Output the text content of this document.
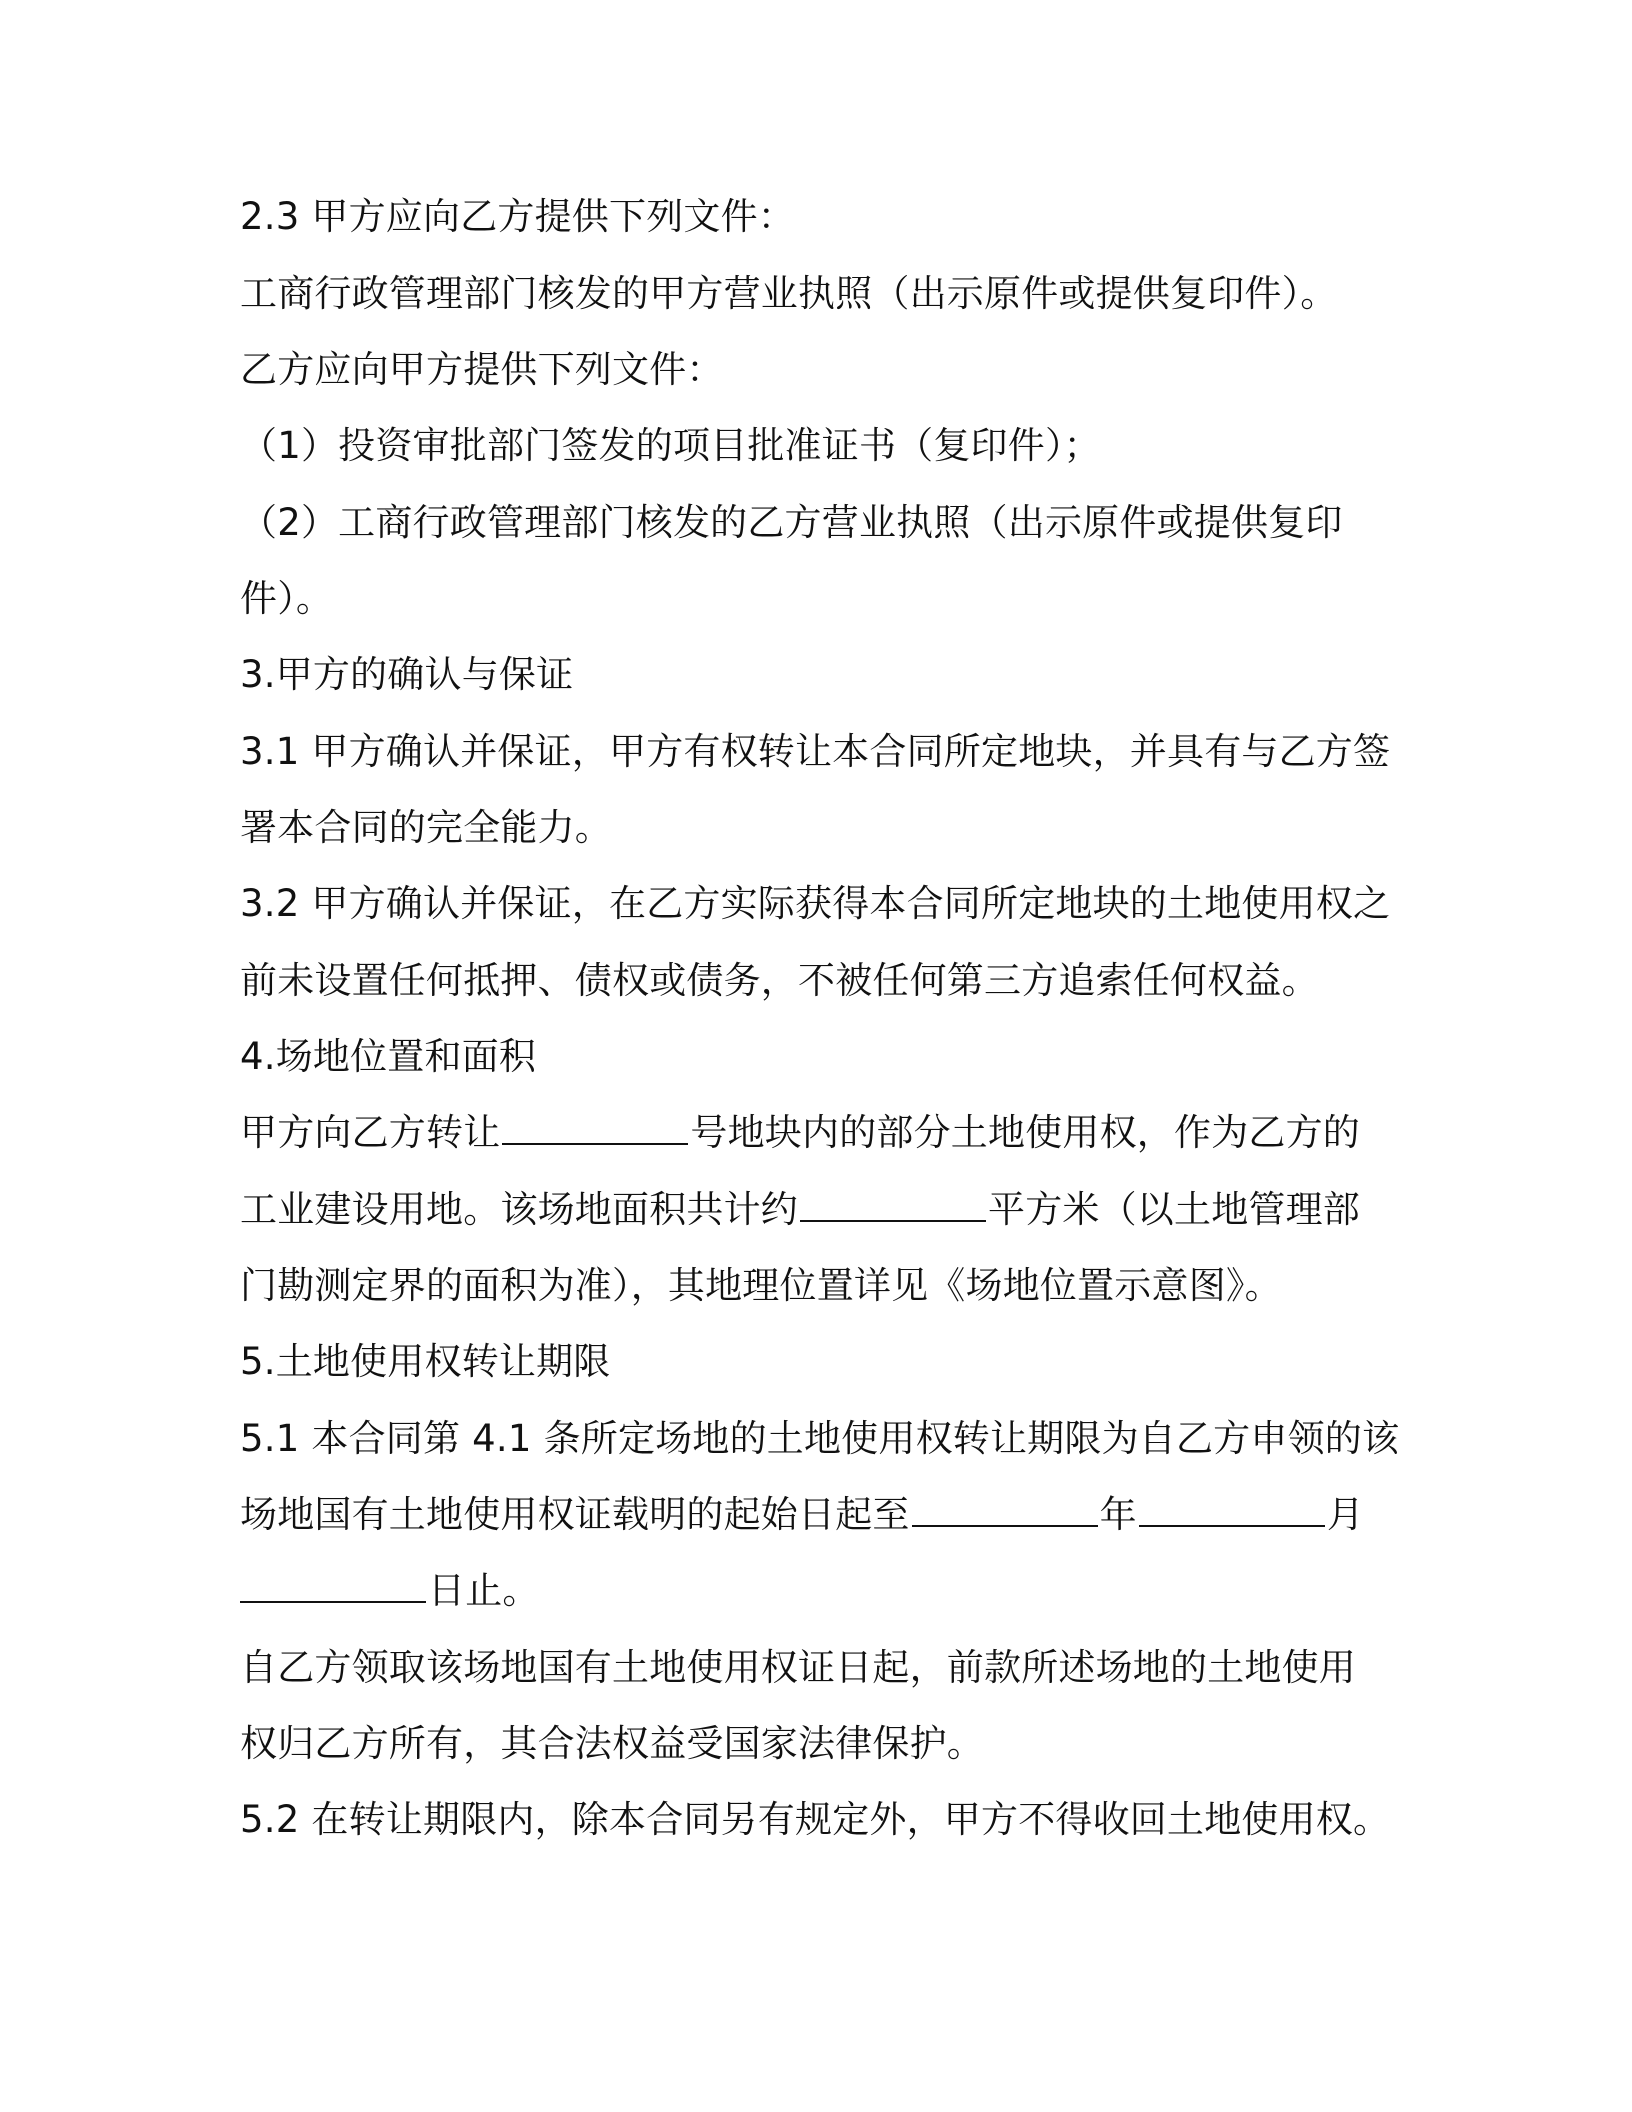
2.3 甲方应向乙方提供下列文件：
工商行政管理部门核发的甲方营业执照（出示原件或提供复印件）。
乙方应向甲方提供下列文件：
（1）投资审批部门签发的项目批准证书（复印件）；
（2）工商行政管理部门核发的乙方营业执照（出示原件或提供复印
件）。
3.甲方的确认与保证
3.1 甲方确认并保证，甲方有权转让本合同所定地块，并具有与乙方签
署本合同的完全能力。
3.2 甲方确认并保证，在乙方实际获得本合同所定地块的土地使用权之
前未设置任何抵押、债权或债务，不被任何第三方追索任何权益。
4.场地位置和面积
甲方向乙方转让	号地块内的部分土地使用权，作为乙方的
工业建设用地。该场地面积共计约	平方米（以土地管理部
门勘测定界的面积为准），其地理位置详见《场地位置示意图》。
5.土地使用权转让期限
5.1 本合同第 4.1 条所定场地的土地使用权转让期限为自乙方申领的该
场地国有土地使用权证载明的起始日起至	年	月
日止。
自乙方领取该场地国有土地使用权证日起，前款所述场地的土地使用
权归乙方所有，其合法权益受国家法律保护。
5.2 在转让期限内，除本合同另有规定外，甲方不得收回土地使用权。
